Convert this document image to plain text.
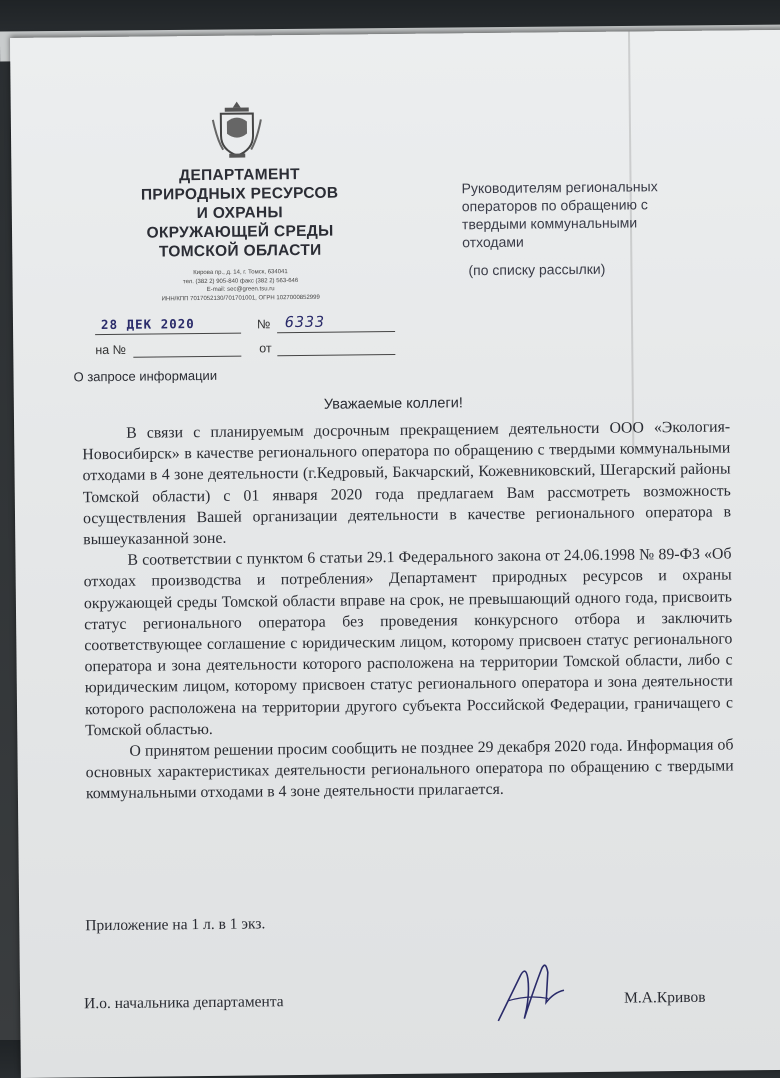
ДЕПАРТАМЕНТ
ПРИРОДНЫХ РЕСУРСОВ
И ОХРАНЫ
ОКРУЖАЮЩЕЙ СРЕДЫ
ТОМСКОЙ ОБЛАСТИ
Кирова пр., д. 14, г. Томск, 634041
тел. (382 2) 905-840 факс (382 2) 563-646
E-mail: sec@green.tsu.ru
ИНН/КПП 7017052130/701701001, ОГРН 1027000852999
Руководителям региональных
операторов по обращению с
твердыми коммунальными
отходами
(по списку рассылки)
28 ДЕК 2020	№ 6333
на №	от
О запросе информации
Уважаемые коллеги!

В связи с планируемым досрочным прекращением деятельности ООО «Экология-Новосибирск» в качестве регионального оператора по обращению с твердыми коммунальными отходами в 4 зоне деятельности (г.Кедровый, Бакчарский, Кожевниковский, Шегарский районы Томской области) с 01 января 2020 года предлагаем Вам рассмотреть возможность осуществления Вашей организации деятельности в качестве регионального оператора в вышеуказанной зоне.

В соответствии с пунктом 6 статьи 29.1 Федерального закона от 24.06.1998 № 89-ФЗ «Об отходах производства и потребления» Департамент природных ресурсов и охраны окружающей среды Томской области вправе на срок, не превышающий одного года, присвоить статус регионального оператора без проведения конкурсного отбора и заключить соответствующее соглашение с юридическим лицом, которому присвоен статус регионального оператора и зона деятельности которого расположена на территории Томской области, либо с юридическим лицом, которому присвоен статус регионального оператора и зона деятельности которого расположена на территории другого субъекта Российской Федерации, граничащего с Томской областью.

О принятом решении просим сообщить не позднее 29 декабря 2020 года. Информация об основных характеристиках деятельности регионального оператора по обращению с твердыми коммунальными отходами в 4 зоне деятельности прилагается.

Приложение на 1 л. в 1 экз.
И.о. начальника департамента	М.А.Кривов
